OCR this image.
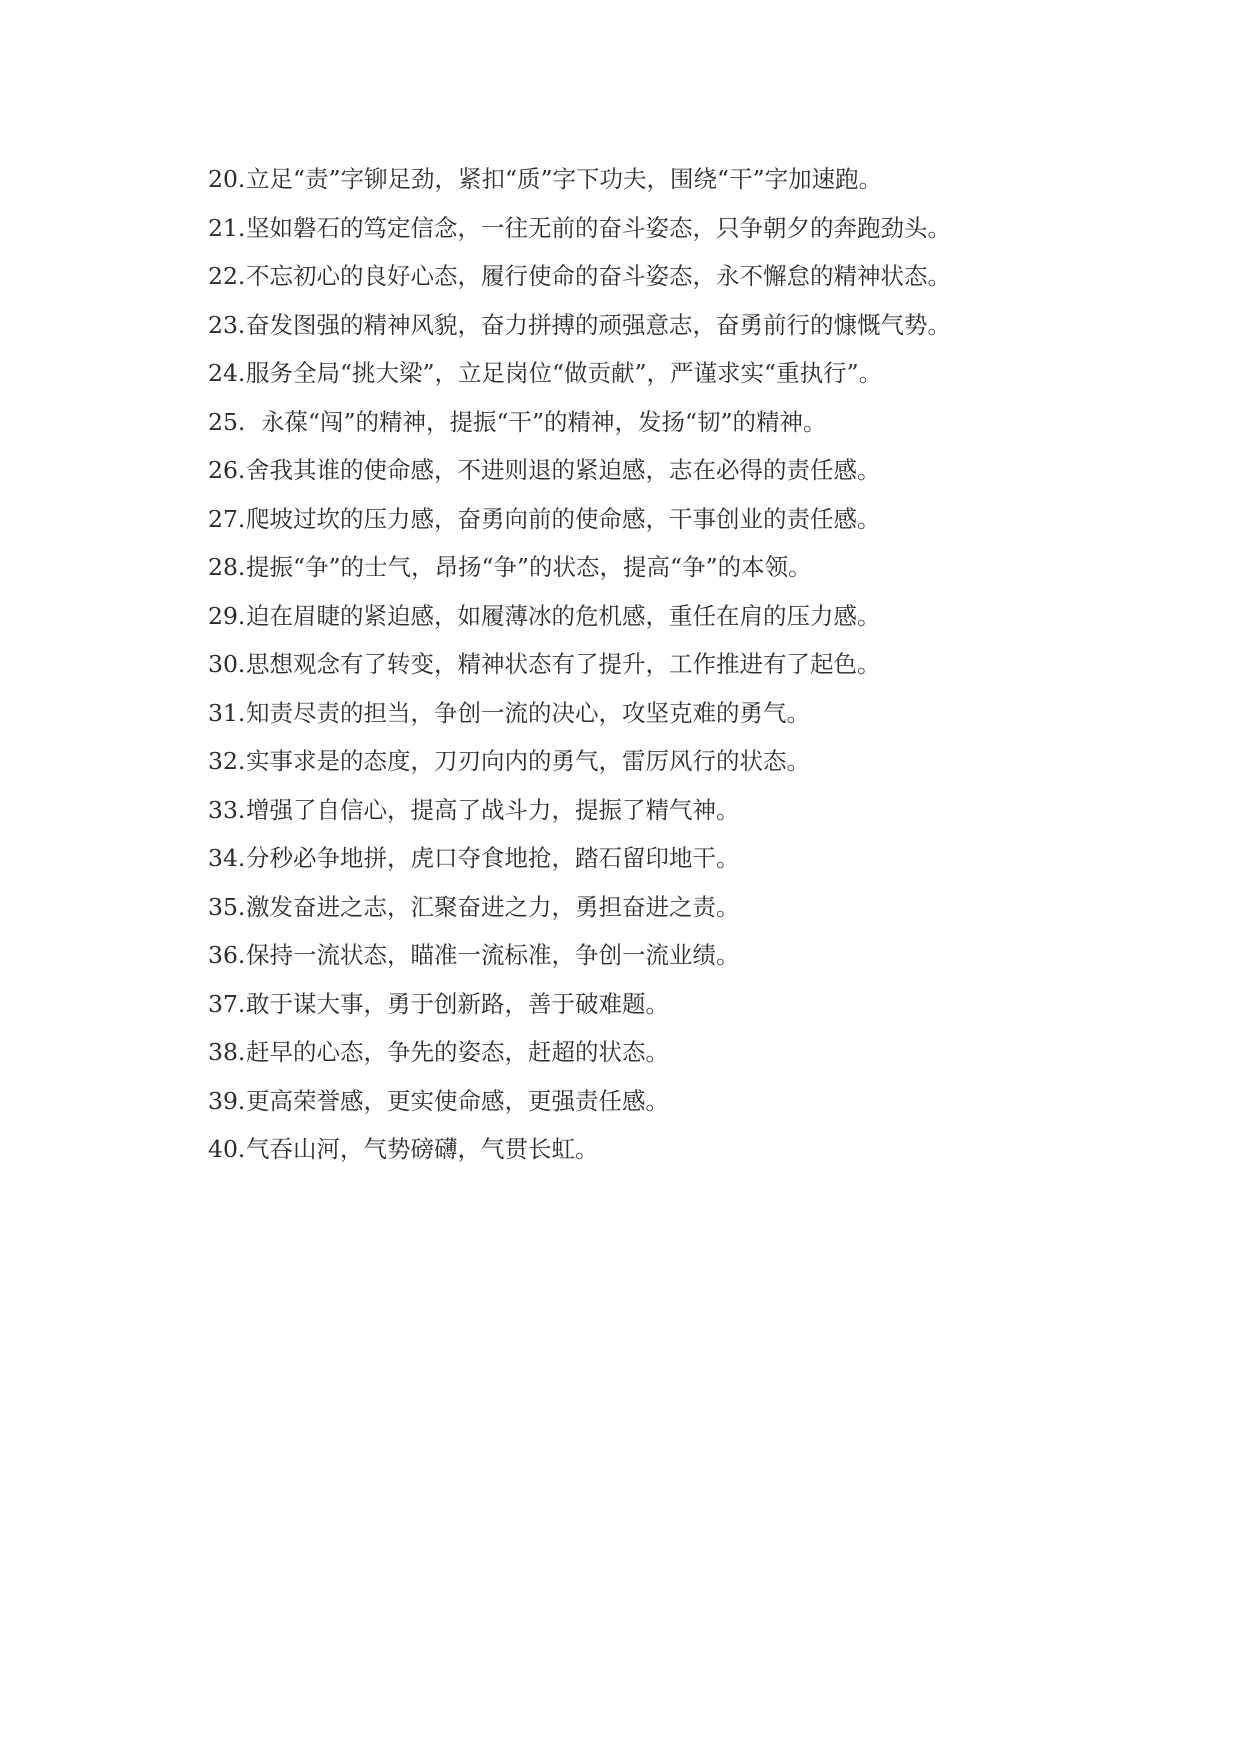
20. 立足“责”字铆足劲，紧扣“质”字下功夫，围绕“干”字加速跑。
21. 坚如磐石的笃定信念，一往无前的奋斗姿态，只争朝夕的奔跑劲头。
22. 不忘初心的良好心态，履行使命的奋斗姿态，永不懈怠的精神状态。
23. 奋发图强的精神风貌，奋力拼搏的顽强意志，奋勇前行的慷慨气势。
24. 服务全局“挑大梁”，立足岗位“做贡献”，严谨求实“重执行”。
25. 永葆“闯”的精神，提振“干”的精神，发扬“韧”的精神。
26. 舍我其谁的使命感，不进则退的紧迫感，志在必得的责任感。
27. 爬坡过坎的压力感，奋勇向前的使命感，干事创业的责任感。
28. 提振“争”的士气，昂扬“争”的状态，提高“争”的本领。
29. 迫在眉睫的紧迫感，如履薄冰的危机感，重任在肩的压力感。
30. 思想观念有了转变，精神状态有了提升，工作推进有了起色。
31. 知责尽责的担当，争创一流的决心，攻坚克难的勇气。
32. 实事求是的态度，刀刃向内的勇气，雷厉风行的状态。
33. 增强了自信心，提高了战斗力，提振了精气神。
34. 分秒必争地拼，虎口夺食地抢，踏石留印地干。
35. 激发奋进之志，汇聚奋进之力，勇担奋进之责。
36. 保持一流状态，瞄准一流标准，争创一流业绩。
37. 敢于谋大事，勇于创新路，善于破难题。
38. 赶早的心态，争先的姿态，赶超的状态。
39. 更高荣誉感，更实使命感，更强责任感。
40. 气吞山河，气势磅礴，气贯长虹。
